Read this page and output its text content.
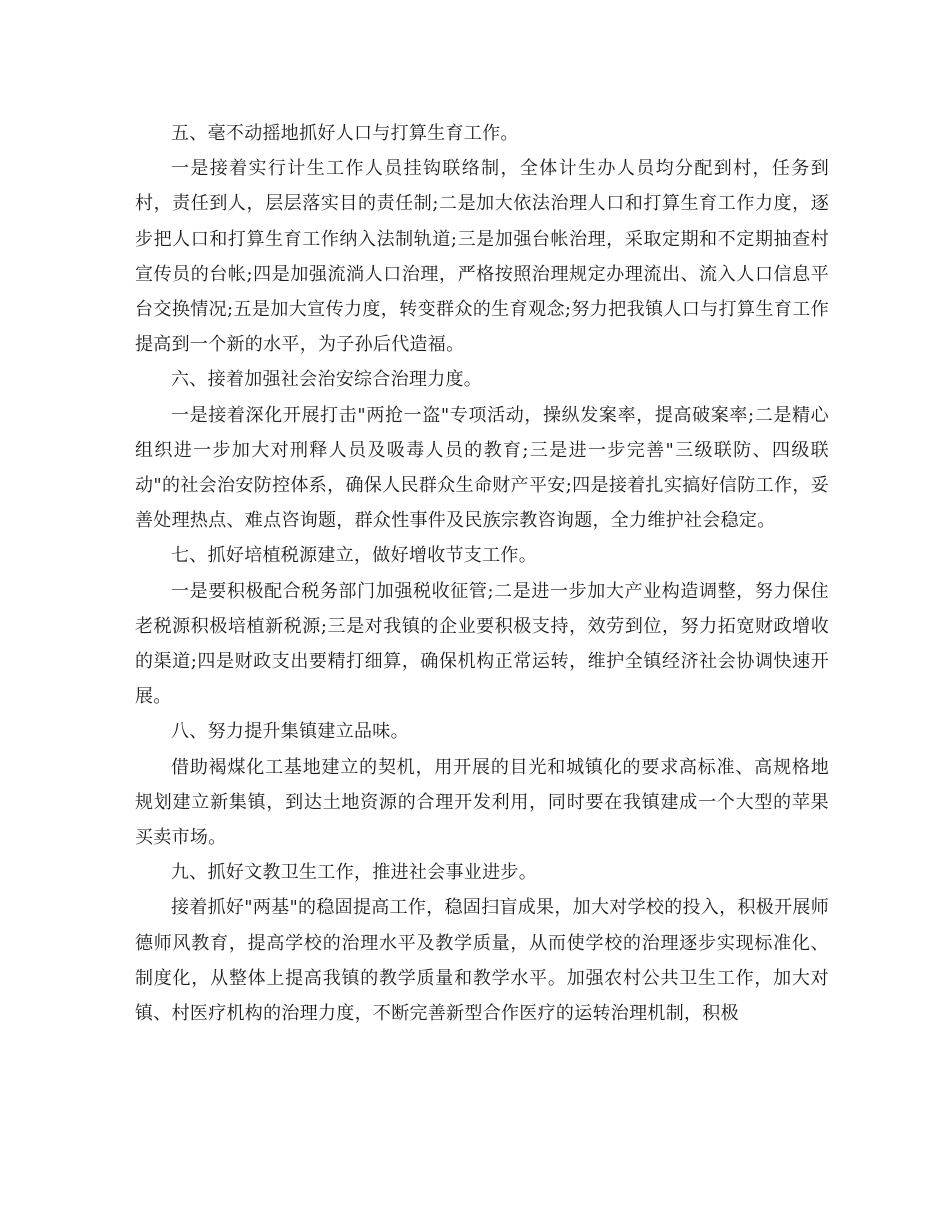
五、毫不动摇地抓好人口与打算生育工作。

一是接着实行计生工作人员挂钩联络制，全体计生办人员均分配到村，任务到村，责任到人，层层落实目的责任制;二是加大依法治理人口和打算生育工作力度，逐步把人口和打算生育工作纳入法制轨道;三是加强台帐治理，采取定期和不定期抽查村宣传员的台帐;四是加强流淌人口治理，严格按照治理规定办理流出、流入人口信息平台交换情况;五是加大宣传力度，转变群众的生育观念;努力把我镇人口与打算生育工作提高到一个新的水平，为子孙后代造福。

六、接着加强社会治安综合治理力度。

一是接着深化开展打击"两抢一盗"专项活动，操纵发案率，提高破案率;二是精心组织进一步加大对刑释人员及吸毒人员的教育;三是进一步完善"三级联防、四级联动"的社会治安防控体系，确保人民群众生命财产平安;四是接着扎实搞好信防工作，妥善处理热点、难点咨询题，群众性事件及民族宗教咨询题，全力维护社会稳定。

七、抓好培植税源建立，做好增收节支工作。

一是要积极配合税务部门加强税收征管;二是进一步加大产业构造调整，努力保住老税源积极培植新税源;三是对我镇的企业要积极支持，效劳到位，努力拓宽财政增收的渠道;四是财政支出要精打细算，确保机构正常运转，维护全镇经济社会协调快速开展。

八、努力提升集镇建立品味。

借助褐煤化工基地建立的契机，用开展的目光和城镇化的要求高标准、高规格地规划建立新集镇，到达土地资源的合理开发利用，同时要在我镇建成一个大型的苹果买卖市场。

九、抓好文教卫生工作，推进社会事业进步。

接着抓好"两基"的稳固提高工作，稳固扫盲成果，加大对学校的投入，积极开展师德师风教育，提高学校的治理水平及教学质量，从而使学校的治理逐步实现标准化、制度化，从整体上提高我镇的教学质量和教学水平。加强农村公共卫生工作，加大对镇、村医疗机构的治理力度，不断完善新型合作医疗的运转治理机制，积极
